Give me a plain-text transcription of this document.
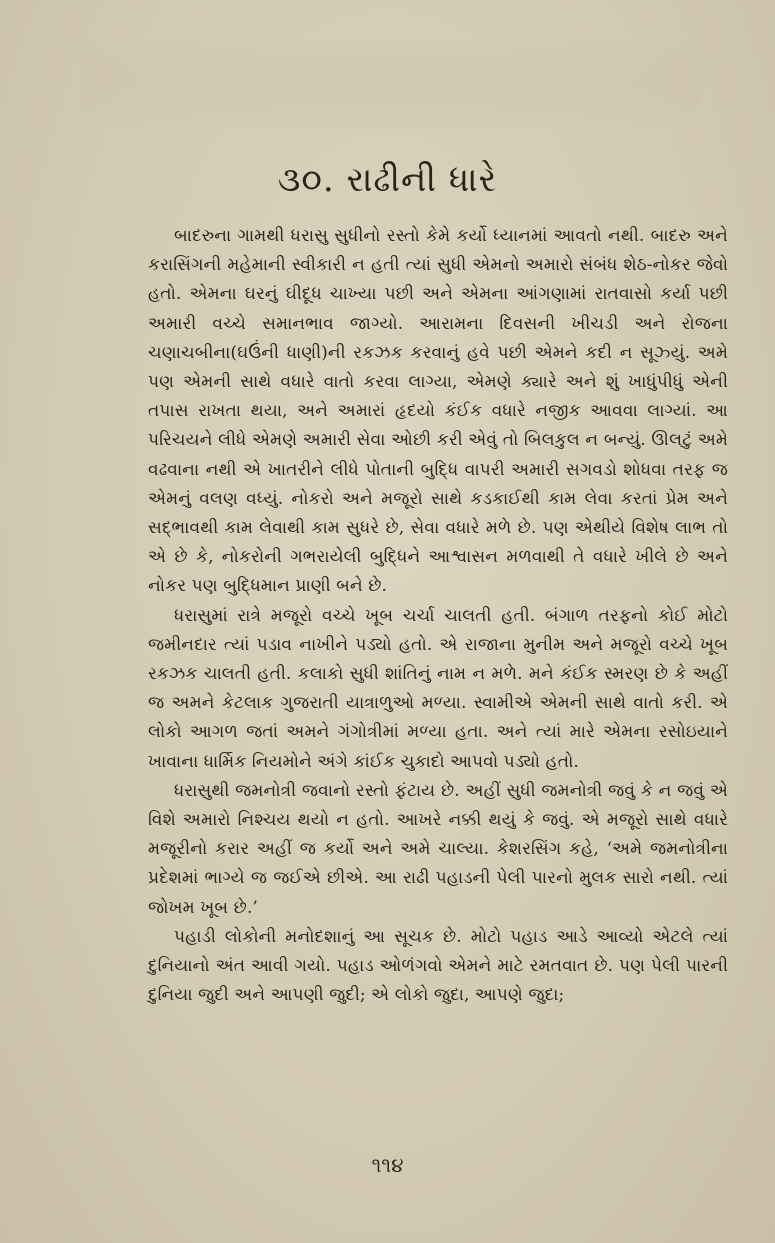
૩૦. રાઢીની ધારે

બાદરુના ગામથી ધરાસુ સુધીનો રસ્તો કેમે કર્યો ધ્યાનમાં આવતો નથી. બાદરુ અને કરાસિંગની મહેમાની સ્વીકારી ન હતી ત્યાં સુધી એમનો અમારો સંબંધ શેઠ-નોકર જેવો હતો. એમના ઘરનું ઘીદૂધ ચાખ્યા પછી અને એમના આંગણામાં રાતવાસો કર્યા પછી અમારી વચ્ચે સમાનભાવ જાગ્યો. આરામના દિવસની ખીચડી અને રોજના ચણાચબીના(ઘઉંની ધાણી)ની રકઝક કરવાનું હવે પછી એમને કદી ન સૂઝ્યું. અમે પણ એમની સાથે વધારે વાતો કરવા લાગ્યા, એમણે ક્યારે અને શું ખાધુંપીધું એની તપાસ રાખતા થયા, અને અમારાં હૃદયો કંઈક વધારે નજીક આવવા લાગ્યાં. આ પરિચયને લીધે એમણે અમારી સેવા ઓછી કરી એવું તો બિલકુલ ન બન્યું. ઊલટું અમે વઢવાના નથી એ ખાતરીને લીધે પોતાની બુદ્ધિ વાપરી અમારી સગવડો શોધવા તરફ જ એમનું વલણ વધ્યું. નોકરો અને મજૂરો સાથે કડકાઈથી કામ લેવા કરતાં પ્રેમ અને સદ્ભાવથી કામ લેવાથી કામ સુધરે છે, સેવા વધારે મળે છે. પણ એથીયે વિશેષ લાભ તો એ છે કે, નોકરોની ગભરાયેલી બુદ્ધિને આશ્વાસન મળવાથી તે વધારે ખીલે છે અને નોકર પણ બુદ્ધિમાન પ્રાણી બને છે.

ધરાસુમાં રાત્રે મજૂરો વચ્ચે ખૂબ ચર્ચા ચાલતી હતી. બંગાળ તરફનો કોઈ મોટો જમીનદાર ત્યાં પડાવ નાખીને પડ્યો હતો. એ રાજાના મુનીમ અને મજૂરો વચ્ચે ખૂબ રકઝક ચાલતી હતી. કલાકો સુધી શાંતિનું નામ ન મળે. મને કંઈક સ્મરણ છે કે અહીં જ અમને કેટલાક ગુજરાતી યાત્રાળુઓ મળ્યા. સ્વામીએ એમની સાથે વાતો કરી. એ લોકો આગળ જતાં અમને ગંગોત્રીમાં મળ્યા હતા. અને ત્યાં મારે એમના રસોઇયાને ખાવાના ધાર્મિક નિયમોને અંગે કાંઈક ચુકાદો આપવો પડ્યો હતો.

ધરાસુથી જમનોત્રી જવાનો રસ્તો ફંટાય છે. અહીં સુધી જમનોત્રી જવું કે ન જવું એ વિશે અમારો નિશ્ચય થયો ન હતો. આખરે નક્કી થયું કે જવું. એ મજૂરો સાથે વધારે મજૂરીનો કરાર અહીં જ કર્યો અને અમે ચાલ્યા. કેશરસિંગ કહે, ‘અમે જમનોત્રીના પ્રદેશમાં ભાગ્યે જ જઈએ છીએ. આ રાઢી પહાડની પેલી પારનો મુલક સારો નથી. ત્યાં જોખમ ખૂબ છે.’

પહાડી લોકોની મનોદશાનું આ સૂચક છે. મોટો પહાડ આડે આવ્યો એટલે ત્યાં દુનિયાનો અંત આવી ગયો. પહાડ ઓળંગવો એમને માટે રમતવાત છે. પણ પેલી પારની દુનિયા જુદી અને આપણી જુદી; એ લોકો જુદા, આપણે જુદા;

૧૧૪
